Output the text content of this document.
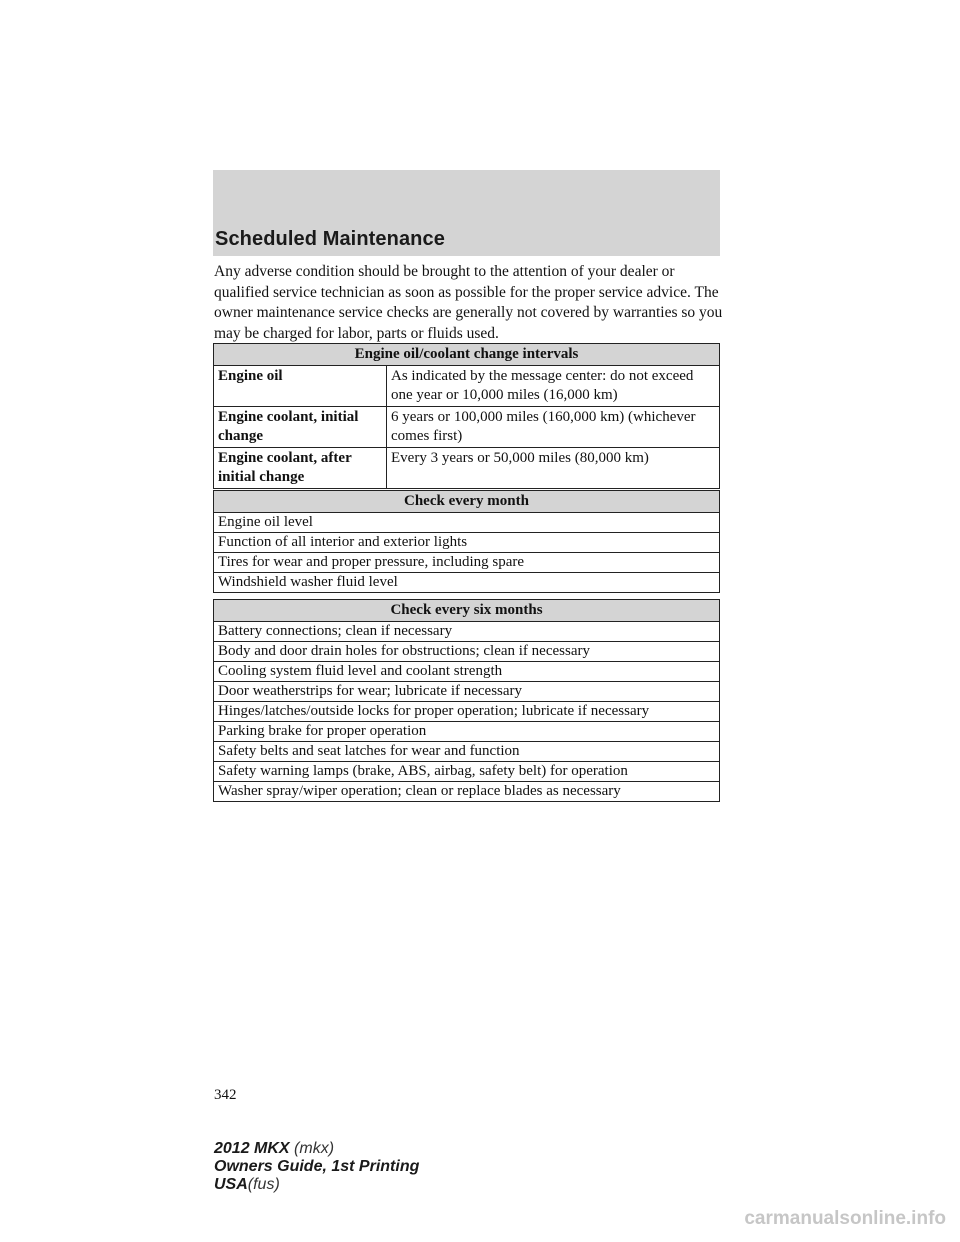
Scheduled Maintenance

Any adverse condition should be brought to the attention of your dealer or qualified service technician as soon as possible for the proper service advice. The owner maintenance service checks are generally not covered by warranties so you may be charged for labor, parts or fluids used.

Engine oil/coolant change intervals	
Engine oil	As indicated by the message center: do not exceed one year or 10,000 miles (16,000 km)
Engine coolant, initial change	6 years or 100,000 miles (160,000 km) (whichever comes first)
Engine coolant, after initial change	Every 3 years or 50,000 miles (80,000 km)
Check every month
Engine oil level
Function of all interior and exterior lights
Tires for wear and proper pressure, including spare
Windshield washer fluid level
Check every six months
Battery connections; clean if necessary
Body and door drain holes for obstructions; clean if necessary
Cooling system fluid level and coolant strength
Door weatherstrips for wear; lubricate if necessary
Hinges/latches/outside locks for proper operation; lubricate if necessary
Parking brake for proper operation
Safety belts and seat latches for wear and function
Safety warning lamps (brake, ABS, airbag, safety belt) for operation
Washer spray/wiper operation; clean or replace blades as necessary
342
2012 MKX (mkx)
Owners Guide, 1st Printing
USA(fus)
carmanualsonline.info
